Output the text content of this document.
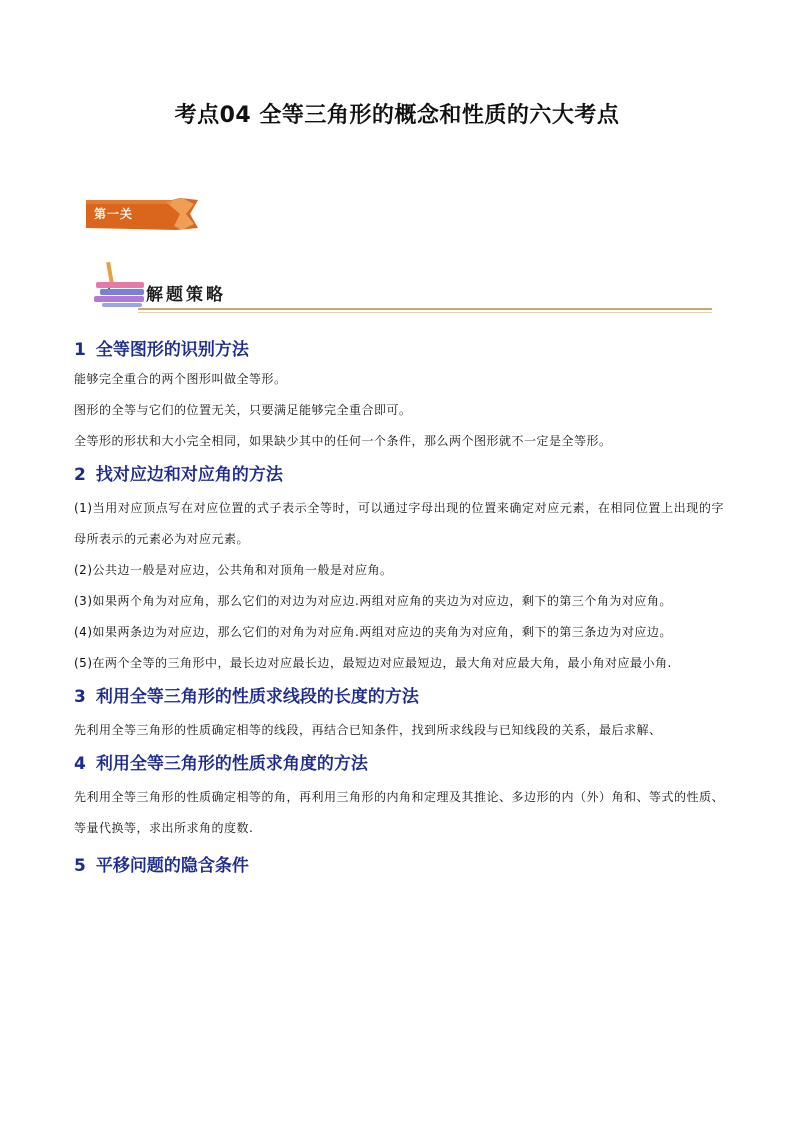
考点04 全等三角形的概念和性质的六大考点
第一关
解题策略
1 全等图形的识别方法

能够完全重合的两个图形叫做全等形。

图形的全等与它们的位置无关，只要满足能够完全重合即可。

全等形的形状和大小完全相同，如果缺少其中的任何一个条件，那么两个图形就不一定是全等形。

2 找对应边和对应角的方法

(1)当用对应顶点写在对应位置的式子表示全等时，可以通过字母出现的位置来确定对应元素，在相同位置上出现的字母所表示的元素必为对应元素。

(2)公共边一般是对应边，公共角和对顶角一般是对应角。

(3)如果两个角为对应角，那么它们的对边为对应边.两组对应角的夹边为对应边，剩下的第三个角为对应角。

(4)如果两条边为对应边，那么它们的对角为对应角.两组对应边的夹角为对应角，剩下的第三条边为对应边。

(5)在两个全等的三角形中，最长边对应最长边，最短边对应最短边，最大角对应最大角，最小角对应最小角.

3 利用全等三角形的性质求线段的长度的方法

先利用全等三角形的性质确定相等的线段，再结合已知条件，找到所求线段与已知线段的关系，最后求解、

4 利用全等三角形的性质求角度的方法

先利用全等三角形的性质确定相等的角，再利用三角形的内角和定理及其推论、多边形的内（外）角和、等式的性质、等量代换等，求出所求角的度数.

5 平移问题的隐含条件
